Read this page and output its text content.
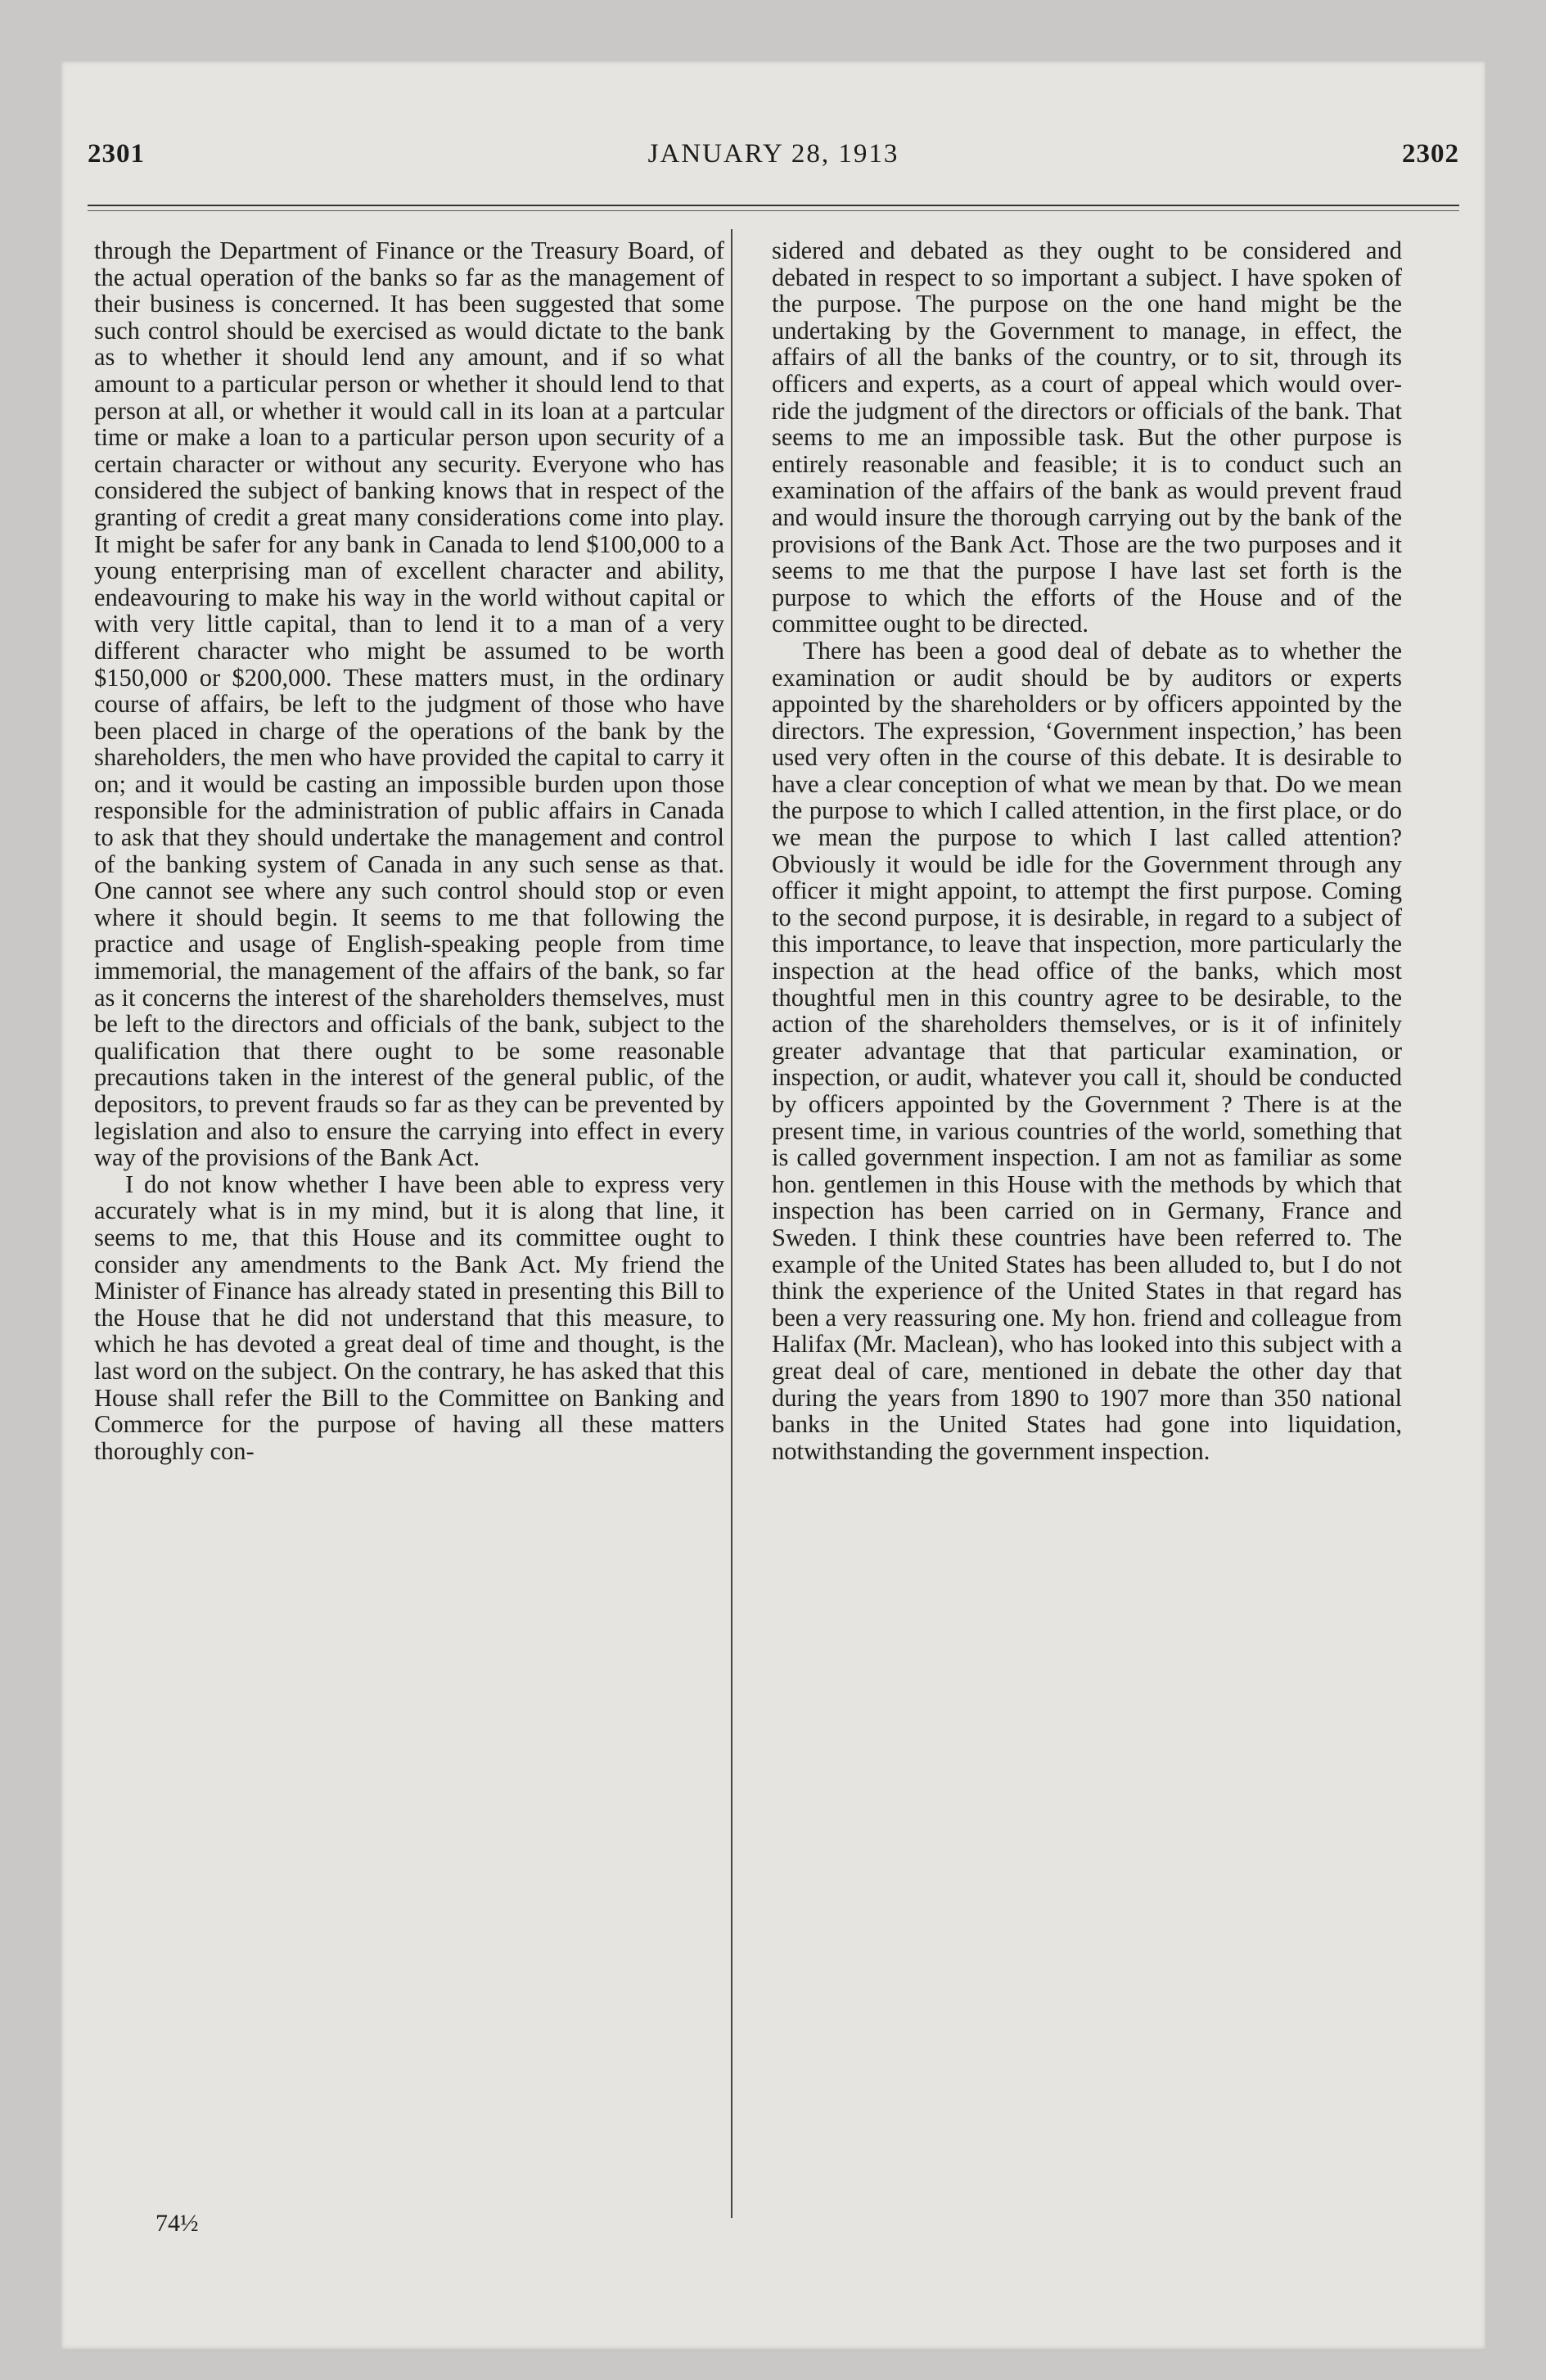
2301	JANUARY 28, 1913	2302

through the Department of Finance or the Treasury Board, of the actual operation of the banks so far as the management of their business is concerned. It has been suggested that some such control should be exercised as would dictate to the bank as to whether it should lend any amount, and if so what amount to a particular person or whether it should lend to that person at all, or whether it would call in its loan at a partcular time or make a loan to a particular person upon security of a certain character or without any security. Everyone who has considered the subject of banking knows that in respect of the granting of credit a great many considerations come into play. It might be safer for any bank in Canada to lend $100,000 to a young enterprising man of excellent character and ability, endeavouring to make his way in the world without capital or with very little capital, than to lend it to a man of a very different character who might be assumed to be worth $150,000 or $200,000. These matters must, in the ordinary course of affairs, be left to the judgment of those who have been placed in charge of the operations of the bank by the shareholders, the men who have provided the capital to carry it on; and it would be casting an impossible burden upon those responsible for the administration of public affairs in Canada to ask that they should undertake the management and control of the banking system of Canada in any such sense as that. One cannot see where any such control should stop or even where it should begin. It seems to me that following the practice and usage of English-speaking people from time immemorial, the management of the affairs of the bank, so far as it concerns the interest of the shareholders themselves, must be left to the directors and officials of the bank, subject to the qualification that there ought to be some reasonable precautions taken in the interest of the general public, of the depositors, to prevent frauds so far as they can be prevented by legislation and also to ensure the carrying into effect in every way of the provisions of the Bank Act.

I do not know whether I have been able to express very accurately what is in my mind, but it is along that line, it seems to me, that this House and its committee ought to consider any amendments to the Bank Act. My friend the Minister of Finance has already stated in presenting this Bill to the House that he did not understand that this measure, to which he has devoted a great deal of time and thought, is the last word on the subject. On the contrary, he has asked that this House shall refer the Bill to the Committee on Banking and Commerce for the purpose of having all these matters thoroughly con-

sidered and debated as they ought to be considered and debated in respect to so important a subject. I have spoken of the purpose. The purpose on the one hand might be the undertaking by the Government to manage, in effect, the affairs of all the banks of the country, or to sit, through its officers and experts, as a court of appeal which would over-ride the judgment of the directors or officials of the bank. That seems to me an impossible task. But the other purpose is entirely reasonable and feasible; it is to conduct such an examination of the affairs of the bank as would prevent fraud and would insure the thorough carrying out by the bank of the provisions of the Bank Act. Those are the two purposes and it seems to me that the purpose I have last set forth is the purpose to which the efforts of the House and of the committee ought to be directed.

There has been a good deal of debate as to whether the examination or audit should be by auditors or experts appointed by the shareholders or by officers appointed by the directors. The expression, ‘Government inspection,’ has been used very often in the course of this debate. It is desirable to have a clear conception of what we mean by that. Do we mean the purpose to which I called attention, in the first place, or do we mean the purpose to which I last called attention? Obviously it would be idle for the Government through any officer it might appoint, to attempt the first purpose. Coming to the second purpose, it is desirable, in regard to a subject of this importance, to leave that inspection, more particularly the inspection at the head office of the banks, which most thoughtful men in this country agree to be desirable, to the action of the shareholders themselves, or is it of infinitely greater advantage that that particular examination, or inspection, or audit, whatever you call it, should be conducted by officers appointed by the Government ? There is at the present time, in various countries of the world, something that is called government inspection. I am not as familiar as some hon. gentlemen in this House with the methods by which that inspection has been carried on in Germany, France and Sweden. I think these countries have been referred to. The example of the United States has been alluded to, but I do not think the experience of the United States in that regard has been a very reassuring one. My hon. friend and colleague from Halifax (Mr. Maclean), who has looked into this subject with a great deal of care, mentioned in debate the other day that during the years from 1890 to 1907 more than 350 national banks in the United States had gone into liquidation, notwithstanding the government inspection.

74½
